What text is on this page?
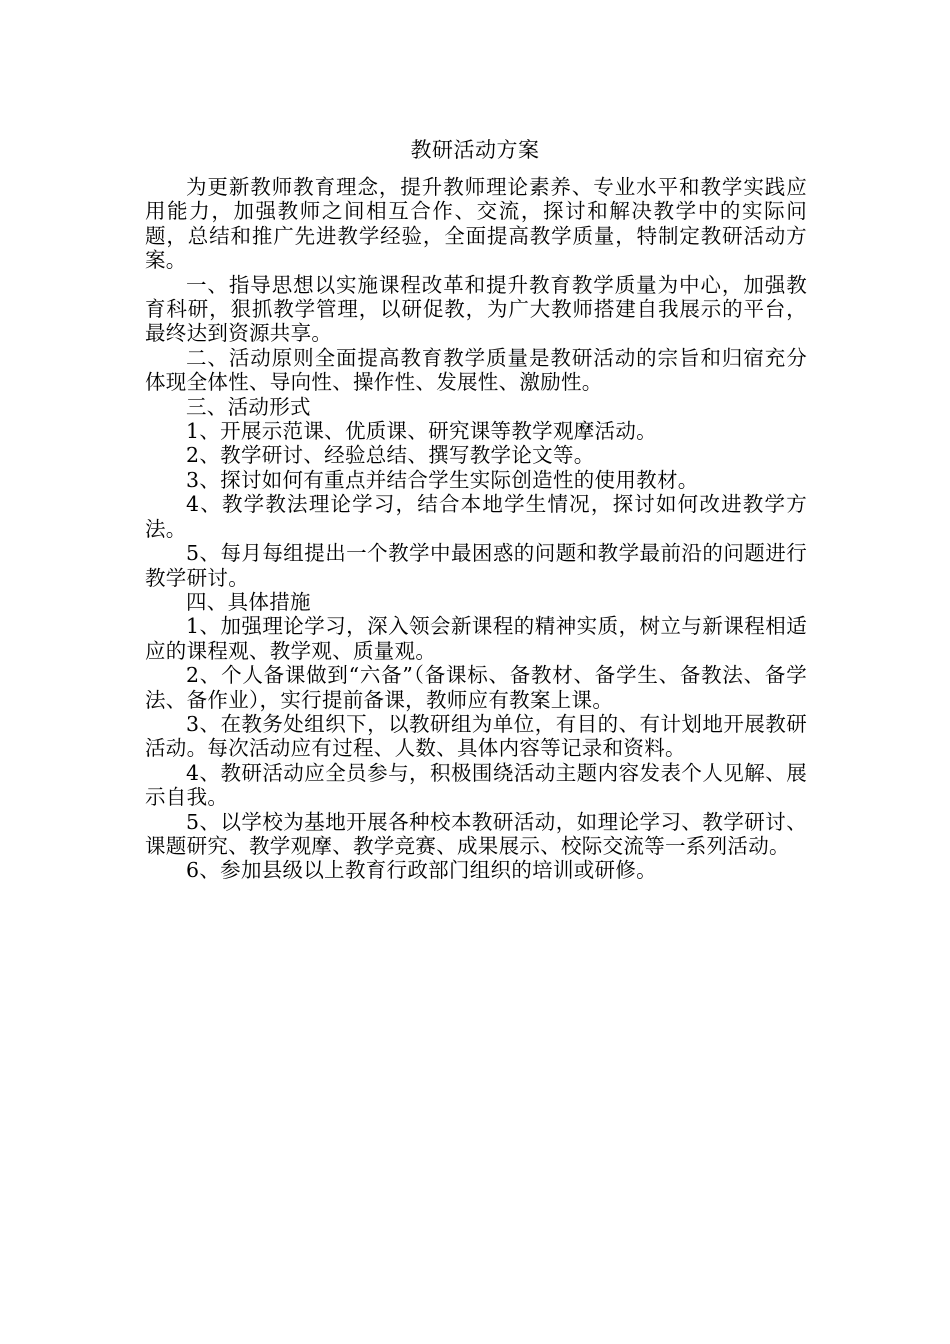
教研活动方案

为更新教师教育理念，提升教师理论素养、专业水平和教学实践应用能力，加强教师之间相互合作、交流，探讨和解决教学中的实际问题，总结和推广先进教学经验，全面提高教学质量，特制定教研活动方案。

一、指导思想以实施课程改革和提升教育教学质量为中心，加强教育科研，狠抓教学管理，以研促教，为广大教师搭建自我展示的平台，最终达到资源共享。

二、活动原则全面提高教育教学质量是教研活动的宗旨和归宿充分体现全体性、导向性、操作性、发展性、激励性。

三、活动形式

1、开展示范课、优质课、研究课等教学观摩活动。

2、教学研讨、经验总结、撰写教学论文等。

3、探讨如何有重点并结合学生实际创造性的使用教材。

4、教学教法理论学习，结合本地学生情况，探讨如何改进教学方法。

5、每月每组提出一个教学中最困惑的问题和教学最前沿的问题进行教学研讨。

四、具体措施

1、加强理论学习，深入领会新课程的精神实质，树立与新课程相适应的课程观、教学观、质量观。

2、个人备课做到“六备”（备课标、备教材、备学生、备教法、备学法、备作业），实行提前备课，教师应有教案上课。

3、在教务处组织下，以教研组为单位，有目的、有计划地开展教研活动。每次活动应有过程、人数、具体内容等记录和资料。

4、教研活动应全员参与，积极围绕活动主题内容发表个人见解、展示自我。

5、以学校为基地开展各种校本教研活动，如理论学习、教学研讨、课题研究、教学观摩、教学竞赛、成果展示、校际交流等一系列活动。

6、参加县级以上教育行政部门组织的培训或研修。
